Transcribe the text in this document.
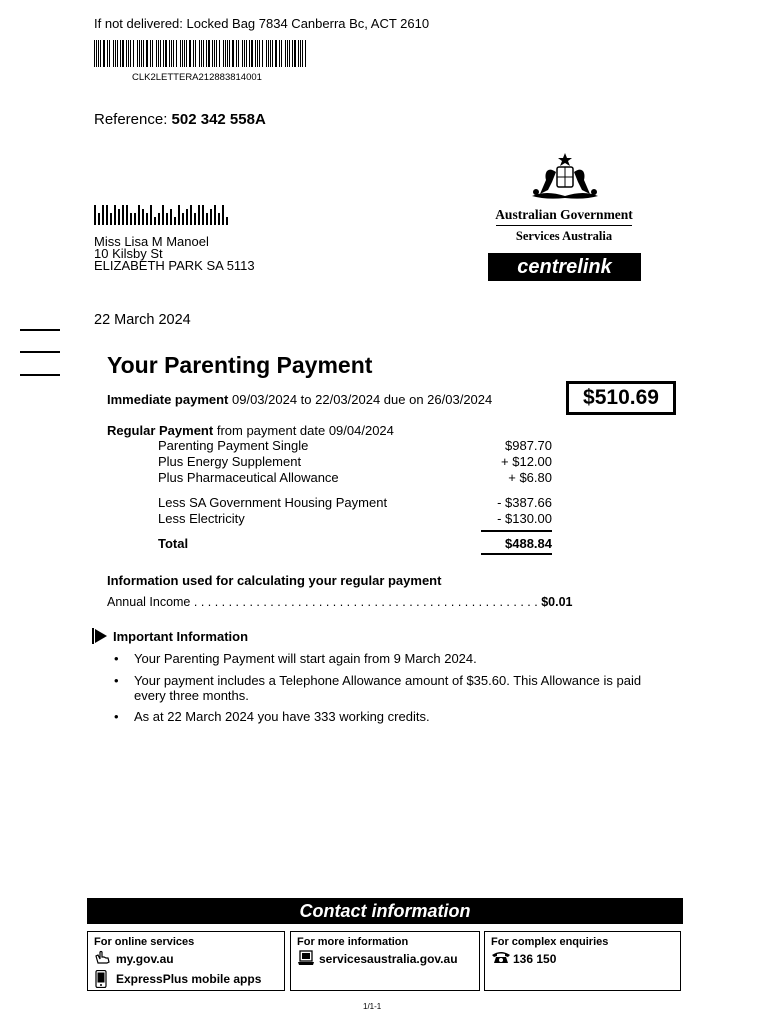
If not delivered: Locked Bag 7834 Canberra Bc, ACT 2610
CLK2LETTERA212883814001
Reference: 502 342 558A
Australian Government
Services Australia
centrelink
Miss Lisa M Manoel
10 Kilsby St
ELIZABETH PARK SA 5113
22 March 2024
Your Parenting Payment
Immediate payment 09/03/2024 to 22/03/2024 due on 26/03/2024	$510.69
Regular Payment from payment date 09/04/2024
Parenting Payment Single	$987.70
Plus Energy Supplement	+ $12.00
Plus Pharmaceutical Allowance	+ $6.80
Less SA Government Housing Payment	- $387.66
Less Electricity	- $130.00
Total	$488.84
Information used for calculating your regular payment
Annual Income . . . . . . . . . . . . . . . . . . . . . . . . . . . . . . . . . . . . . . . . . . . . . . . . . . $0.01
Important Information
• Your Parenting Payment will start again from 9 March 2024.
• Your payment includes a Telephone Allowance amount of $35.60. This Allowance is paid every three months.
• As at 22 March 2024 you have 333 working credits.
Contact information
For online services
my.gov.au
ExpressPlus mobile apps
For more information
servicesaustralia.gov.au
For complex enquiries
136 150
1/1-1
